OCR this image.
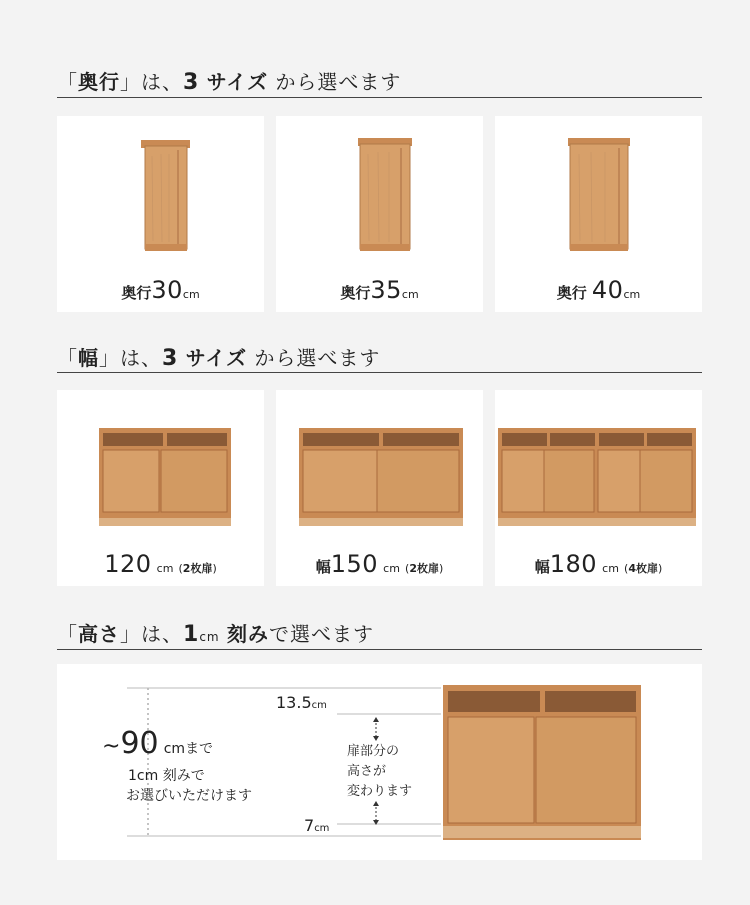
「奥行」は、3 サイズ から選べます
奥行30cm	奥行35cm	奥行 40cm
「幅」は、3 サイズ から選べます
120 cm (2枚扉)	幅150 cm (2枚扉)	幅180 cm (4枚扉)
「高さ」は、1cm 刻みで選べます
13.5cm
7cm
~90 cmまで
1cm 刻みで
お選びいただけます
扉部分の
高さが
変わります
